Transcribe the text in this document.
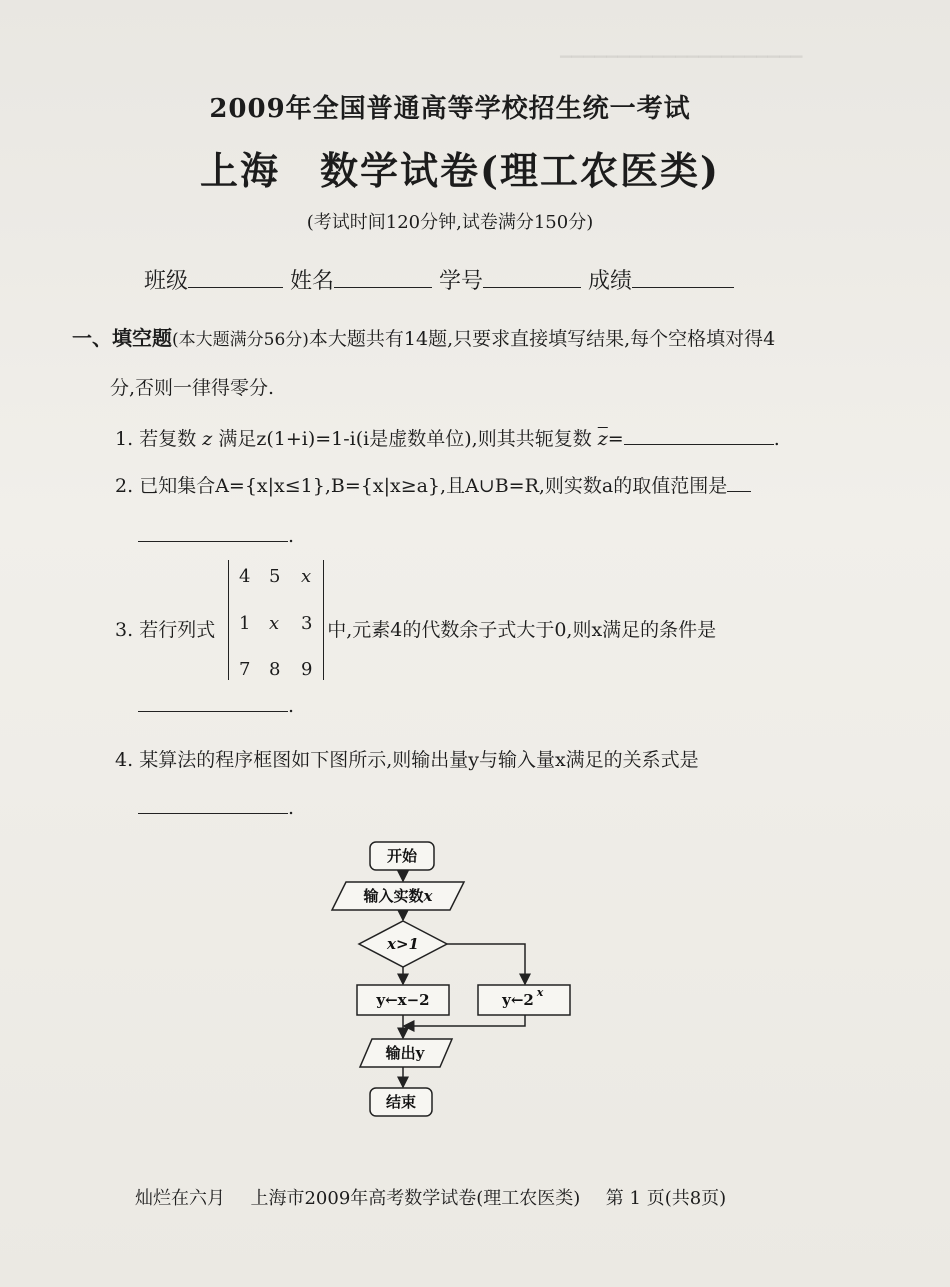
▁▁▁▁▁▁▁▁▁▁▁▁▁▁▁▁▁▁▁▁▁
2009年全国普通高等学校招生统一考试
上海 数学试卷(理工农医类)
(考试时间120分钟,试卷满分150分)
班级	姓名	学号	成绩
一、填空题(本大题满分56分)本大题共有14题,只要求直接填写结果,每个空格填对得4
分,否则一律得零分.
1. 若复数 z 满足z(1+i)=1-i(i是虚数单位),则其共轭复数 $\overline{z}=$	.
2. 已知集合A={x|x≤1},B={x|x≥a},且A∪B=R,则实数a的取值范围是
.
4 5 x
1 x 3
7 8 9
3. 若行列式	中,元素4的代数余子式大于0,则x满足的条件是
.
4. 某算法的程序框图如下图所示,则输出量y与输入量x满足的关系式是
.
开始
输入实数x
x>1
y←x−2	y←2 x
输出y
结束
灿烂在六月 上海市2009年高考数学试卷(理工农医类) 第 1 页(共8页)
